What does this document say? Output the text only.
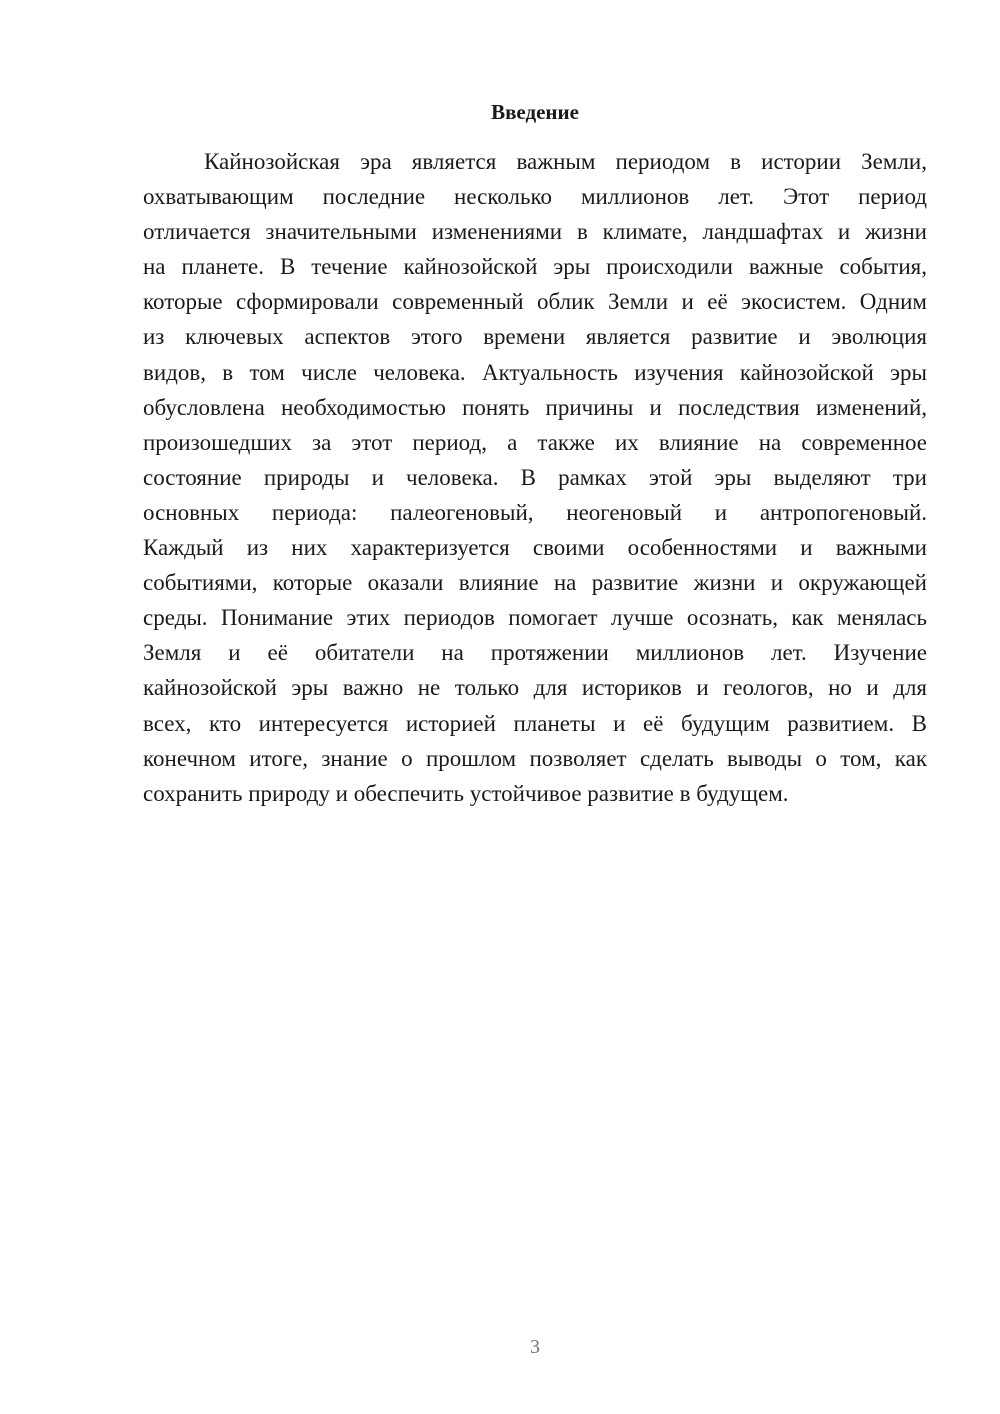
Введение
Кайнозойская эра является важным периодом в истории Земли,
охватывающим последние несколько миллионов лет. Этот период
отличается значительными изменениями в климате, ландшафтах и жизни
на планете. В течение кайнозойской эры происходили важные события,
которые сформировали современный облик Земли и её экосистем. Одним
из ключевых аспектов этого времени является развитие и эволюция
видов, в том числе человека. Актуальность изучения кайнозойской эры
обусловлена необходимостью понять причины и последствия изменений,
произошедших за этот период, а также их влияние на современное
состояние природы и человека. В рамках этой эры выделяют три
основных периода: палеогеновый, неогеновый и антропогеновый.
Каждый из них характеризуется своими особенностями и важными
событиями, которые оказали влияние на развитие жизни и окружающей
среды. Понимание этих периодов помогает лучше осознать, как менялась
Земля и её обитатели на протяжении миллионов лет. Изучение
кайнозойской эры важно не только для историков и геологов, но и для
всех, кто интересуется историей планеты и её будущим развитием. В
конечном итоге, знание о прошлом позволяет сделать выводы о том, как
сохранить природу и обеспечить устойчивое развитие в будущем.
3
